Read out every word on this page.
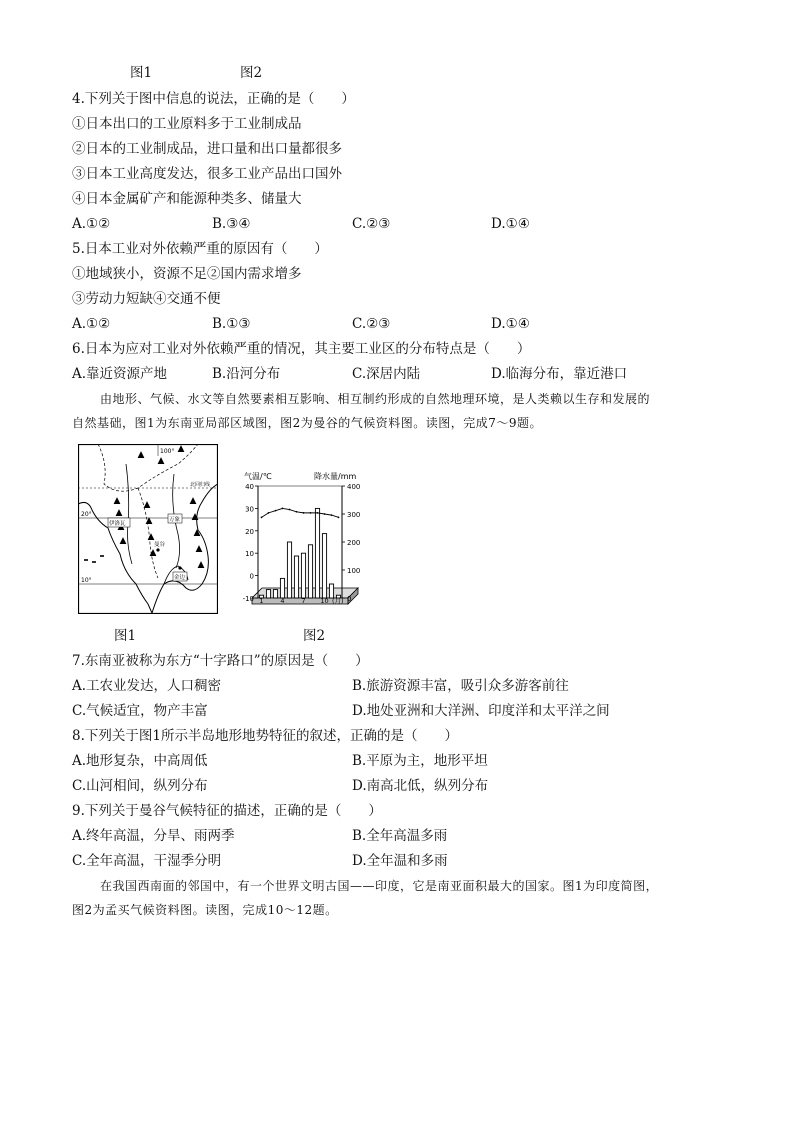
图1	图2
4.下列关于图中信息的说法，正确的是（　　）
①日本出口的工业原料多于工业制成品
②日本的工业制成品，进口量和出口量都很多
③日本工业高度发达，很多工业产品出口国外
④日本金属矿产和能源种类多、储量大
A.①②	B.③④	C.②③	D.①④
5.日本工业对外依赖严重的原因有（　　）
①地域狭小，资源不足②国内需求增多
③劳动力短缺④交通不便
A.①②	B.①③	C.②③	D.①④
6.日本为应对工业对外依赖严重的情况，其主要工业区的分布特点是（　　）
A.靠近资源产地	B.沿河分布	C.深居内陆	D.临海分布，靠近港口
由地形、气候、水文等自然要素相互影响、相互制约形成的自然地理环境，是人类赖以生存和发展的
自然基础，图1为东南亚局部区域图，图2为曼谷的气候资料图。读图，完成7～9题。
100°
北回归线
20°
10°
伊洛瓦
万象
曼谷
金边
气温/℃	降水量/mm
-10
0
10
20
30
40
0
100
200
300
400
1	4	7 10 (月)
图1	图2
7.东南亚被称为东方“十字路口”的原因是（　　）
A.工农业发达，人口稠密	B.旅游资源丰富，吸引众多游客前往
C.气候适宜，物产丰富	D.地处亚洲和大洋洲、印度洋和太平洋之间
8.下列关于图1所示半岛地形地势特征的叙述，正确的是（　　）
A.地形复杂，中高周低	B.平原为主，地形平坦
C.山河相间，纵列分布	D.南高北低，纵列分布
9.下列关于曼谷气候特征的描述，正确的是（　　）
A.终年高温，分旱、雨两季	B.全年高温多雨
C.全年高温，干湿季分明	D.全年温和多雨
在我国西南面的邻国中，有一个世界文明古国——印度，它是南亚面积最大的国家。图1为印度简图，
图2为孟买气候资料图。读图，完成10～12题。
